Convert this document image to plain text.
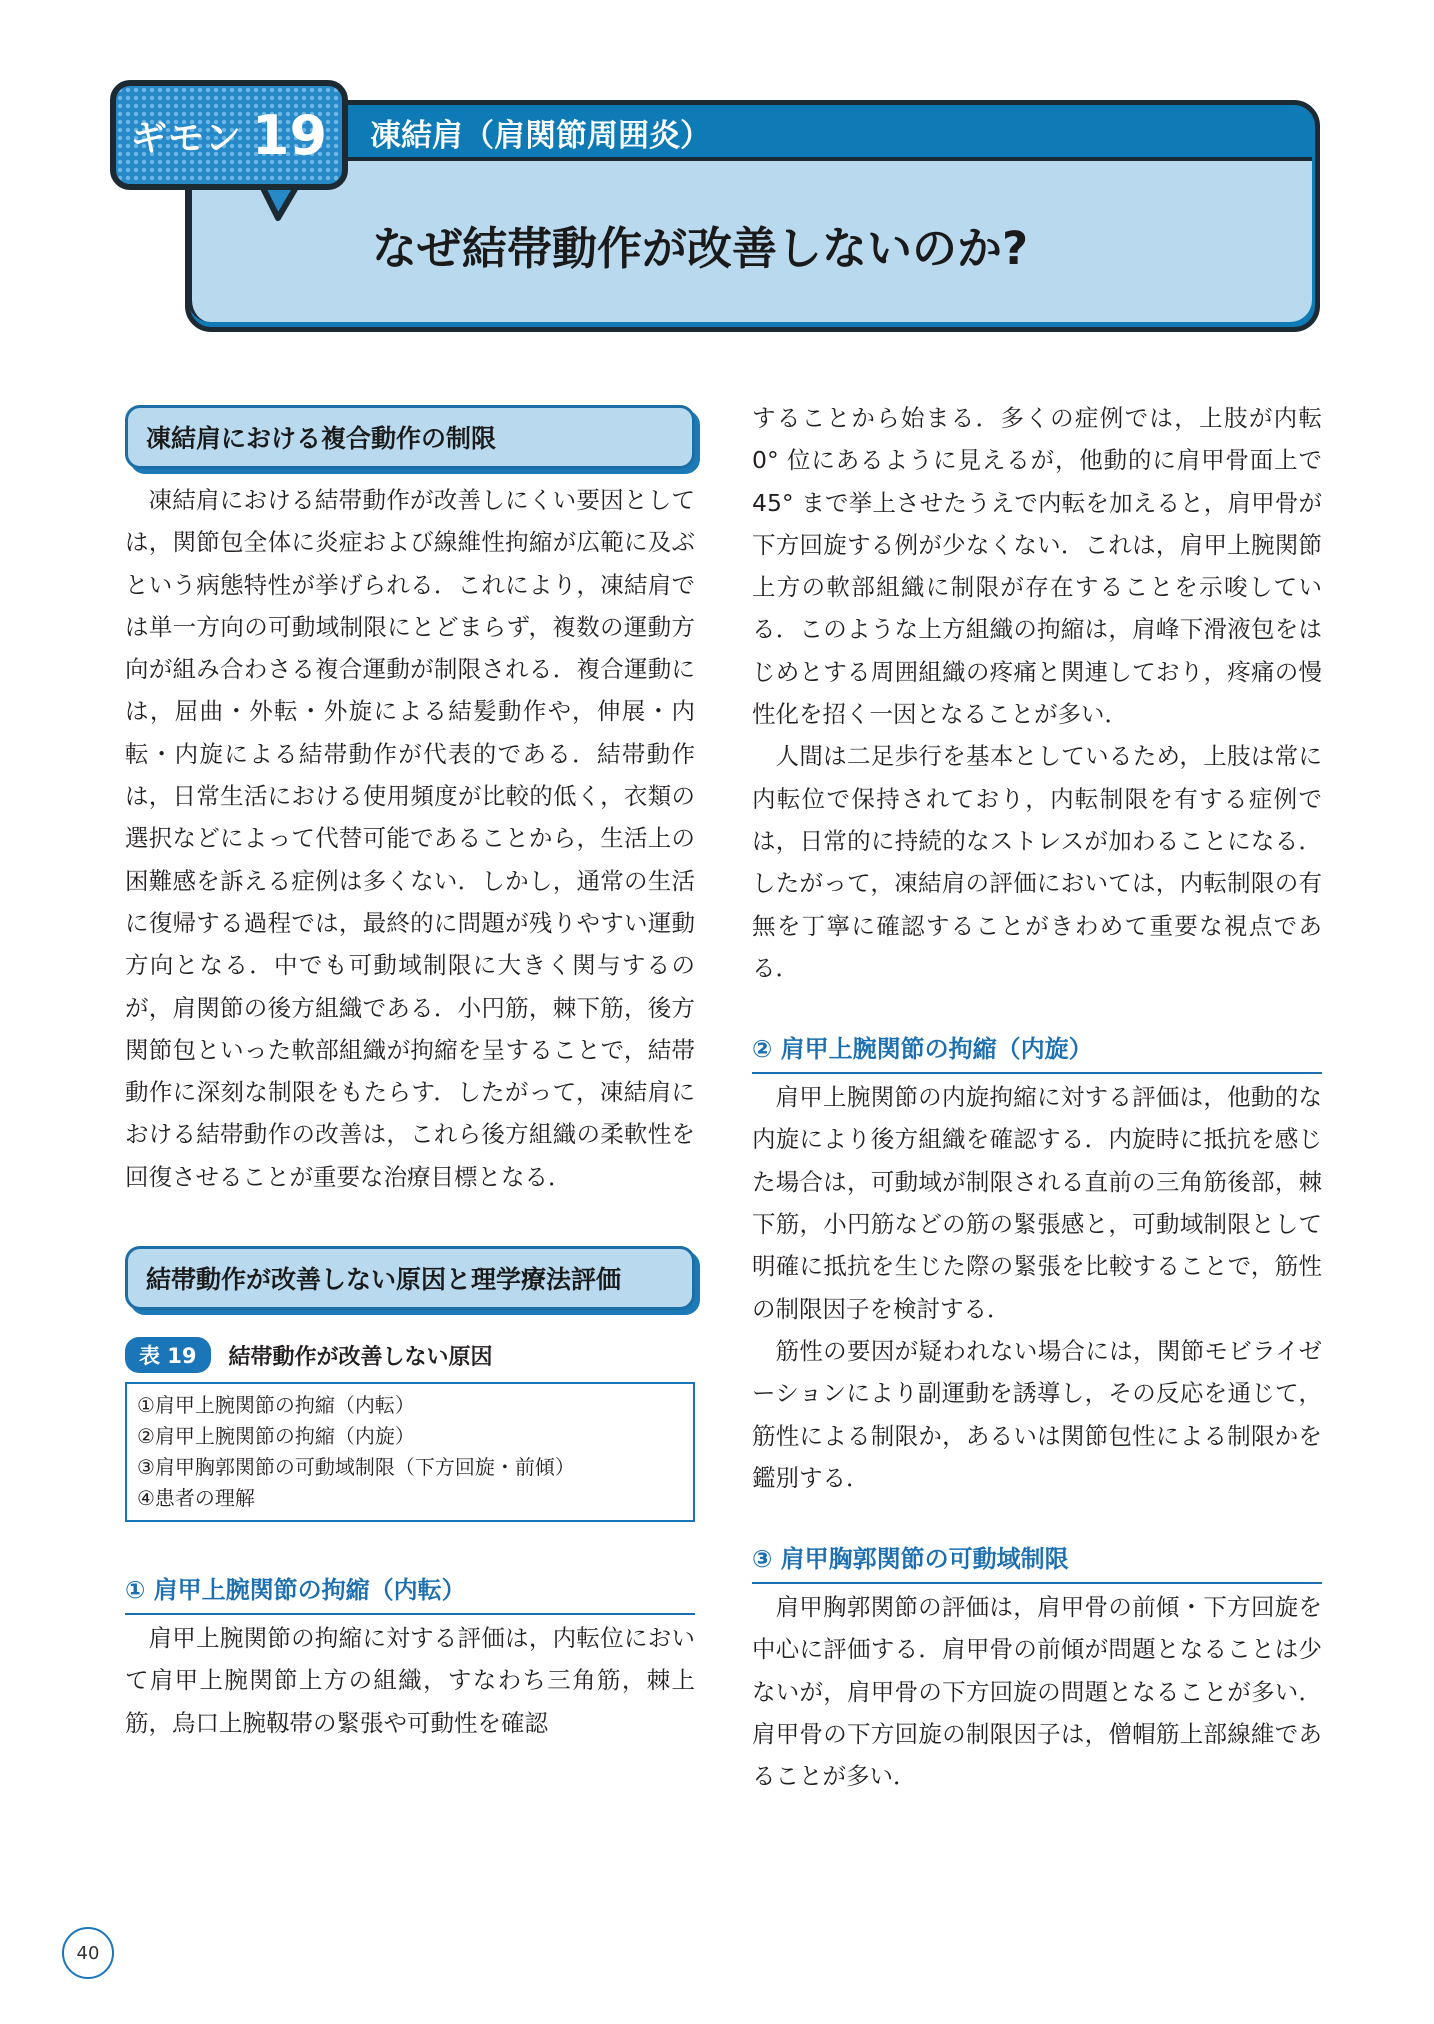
凍結肩（肩関節周囲炎）
なぜ結帯動作が改善しないのか?
ギモン 19
凍結肩における複合動作の制限

凍結肩における結帯動作が改善しにくい要因としては，関節包全体に炎症および線維性拘縮が広範に及ぶという病態特性が挙げられる．これにより，凍結肩では単一方向の可動域制限にとどまらず，複数の運動方向が組み合わさる複合運動が制限される．複合運動には，屈曲・外転・外旋による結髪動作や，伸展・内転・内旋による結帯動作が代表的である．結帯動作は，日常生活における使用頻度が比較的低く，衣類の選択などによって代替可能であることから，生活上の困難感を訴える症例は多くない．しかし，通常の生活に復帰する過程では，最終的に問題が残りやすい運動方向となる．中でも可動域制限に大きく関与するのが，肩関節の後方組織である．小円筋，棘下筋，後方関節包といった軟部組織が拘縮を呈することで，結帯動作に深刻な制限をもたらす．したがって，凍結肩における結帯動作の改善は，これら後方組織の柔軟性を回復させることが重要な治療目標となる．

結帯動作が改善しない原因と理学療法評価
表 19	結帯動作が改善しない原因
①肩甲上腕関節の拘縮（内転）
②肩甲上腕関節の拘縮（内旋）
③肩甲胸郭関節の可動域制限（下方回旋・前傾）
④患者の理解
① 肩甲上腕関節の拘縮（内転）

肩甲上腕関節の拘縮に対する評価は，内転位において肩甲上腕関節上方の組織，すなわち三角筋，棘上筋，烏口上腕靱帯の緊張や可動性を確認

することから始まる．多くの症例では，上肢が内転 0° 位にあるように見えるが，他動的に肩甲骨面上で 45° まで挙上させたうえで内転を加えると，肩甲骨が下方回旋する例が少なくない．これは，肩甲上腕関節上方の軟部組織に制限が存在することを示唆している．このような上方組織の拘縮は，肩峰下滑液包をはじめとする周囲組織の疼痛と関連しており，疼痛の慢性化を招く一因となることが多い．

人間は二足歩行を基本としているため，上肢は常に内転位で保持されており，内転制限を有する症例では，日常的に持続的なストレスが加わることになる．したがって，凍結肩の評価においては，内転制限の有無を丁寧に確認することがきわめて重要な視点である．

② 肩甲上腕関節の拘縮（内旋）

肩甲上腕関節の内旋拘縮に対する評価は，他動的な内旋により後方組織を確認する．内旋時に抵抗を感じた場合は，可動域が制限される直前の三角筋後部，棘下筋，小円筋などの筋の緊張感と，可動域制限として明確に抵抗を生じた際の緊張を比較することで，筋性の制限因子を検討する．

筋性の要因が疑われない場合には，関節モビライゼーションにより副運動を誘導し，その反応を通じて，筋性による制限か，あるいは関節包性による制限かを鑑別する．

③ 肩甲胸郭関節の可動域制限

肩甲胸郭関節の評価は，肩甲骨の前傾・下方回旋を中心に評価する．肩甲骨の前傾が問題となることは少ないが，肩甲骨の下方回旋の問題となることが多い．肩甲骨の下方回旋の制限因子は，僧帽筋上部線維であることが多い．

40
